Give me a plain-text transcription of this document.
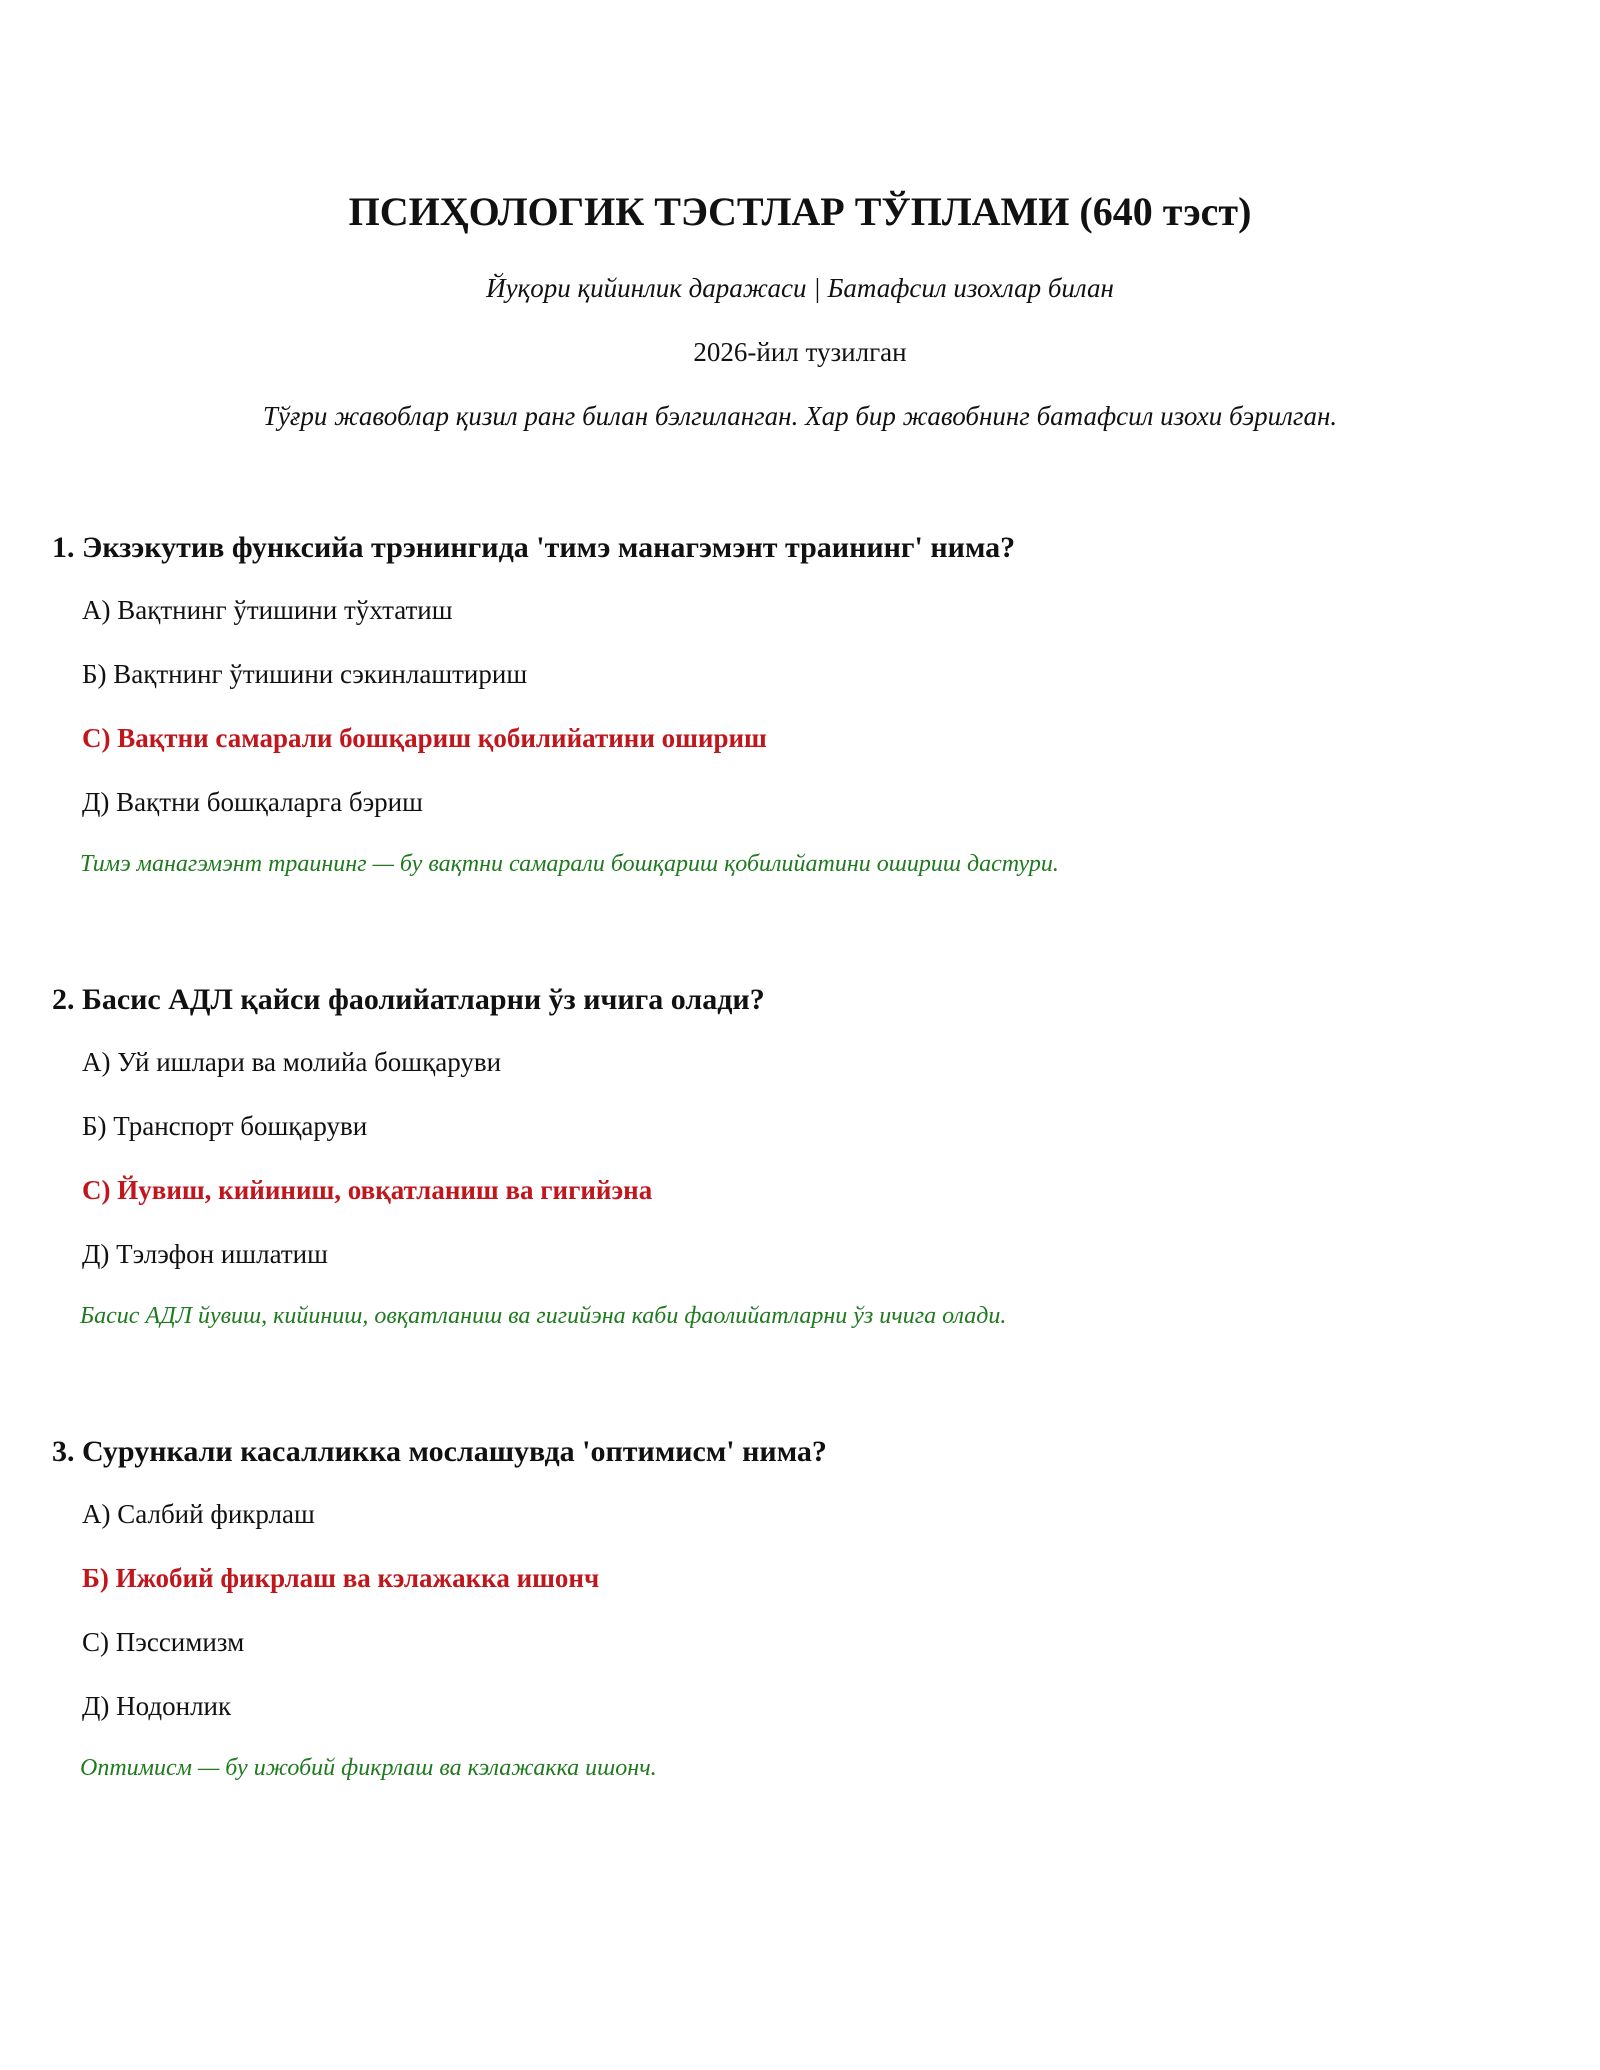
ПСИҲОЛОГИК ТЭСТЛАР ТЎПЛАМИ (640 тэст)
Йуқори қийинлик даражаси | Батафсил изохлар билан
2026-йил тузилган
Тўғри жавоблар қизил ранг билан бэлгиланган. Хар бир жавобнинг батафсил изохи бэрилган.
1. Экзэкутив функсийа трэнингида 'тимэ манагэмэнт траининг' нима?
А) Вақтнинг ўтишини тўхтатиш
Б) Вақтнинг ўтишини сэкинлаштириш
С) Вақтни самарали бошқариш қобилийатини ошириш
Д) Вақтни бошқаларга бэриш
Тимэ манагэмэнт траининг — бу вақтни самарали бошқариш қобилийатини ошириш дастури.
2. Басис АДЛ қайси фаолийатларни ўз ичига олади?
А) Уй ишлари ва молийа бошқаруви
Б) Транспорт бошқаруви
С) Йувиш, кийиниш, овқатланиш ва гигийэна
Д) Тэлэфон ишлатиш
Басис АДЛ йувиш, кийиниш, овқатланиш ва гигийэна каби фаолийатларни ўз ичига олади.
3. Сурункали касалликка мослашувда 'оптимисм' нима?
А) Салбий фикрлаш
Б) Ижобий фикрлаш ва кэлажакка ишонч
С) Пэссимизм
Д) Нодонлик
Оптимисм — бу ижобий фикрлаш ва кэлажакка ишонч.
